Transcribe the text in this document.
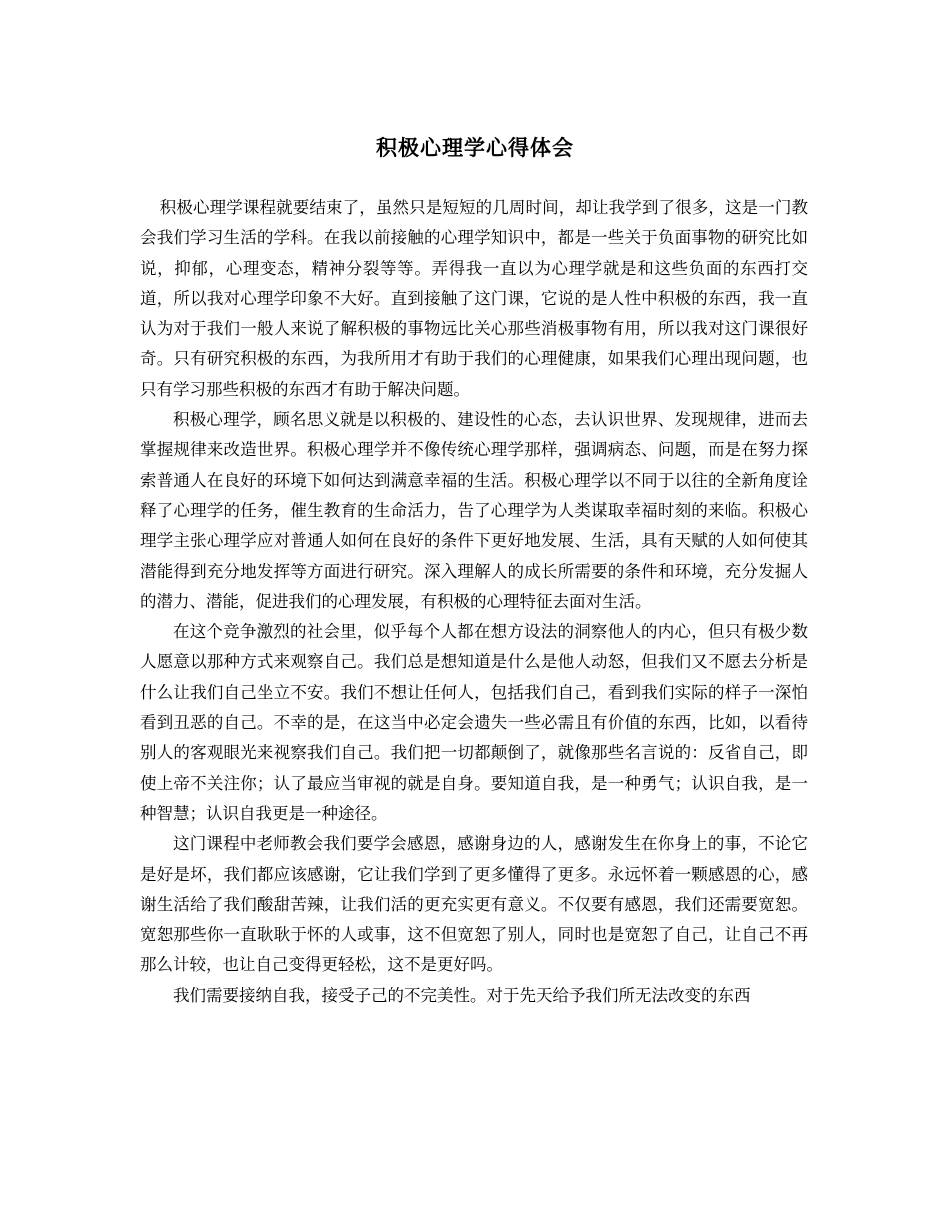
积极心理学心得体会

积极心理学课程就要结束了，虽然只是短短的几周时间，却让我学到了很多，这是一门教会我们学习生活的学科。在我以前接触的心理学知识中，都是一些关于负面事物的研究比如说，抑郁，心理变态，精神分裂等等。弄得我一直以为心理学就是和这些负面的东西打交道，所以我对心理学印象不大好。直到接触了这门课，它说的是人性中积极的东西，我一直认为对于我们一般人来说了解积极的事物远比关心那些消极事物有用，所以我对这门课很好奇。只有研究积极的东西，为我所用才有助于我们的心理健康，如果我们心理出现问题，也只有学习那些积极的东西才有助于解决问题。

积极心理学，顾名思义就是以积极的、建设性的心态，去认识世界、发现规律，进而去掌握规律来改造世界。积极心理学并不像传统心理学那样，强调病态、问题，而是在努力探索普通人在良好的环境下如何达到满意幸福的生活。积极心理学以不同于以往的全新角度诠释了心理学的任务，催生教育的生命活力，告了心理学为人类谋取幸福时刻的来临。积极心理学主张心理学应对普通人如何在良好的条件下更好地发展、生活，具有天赋的人如何使其潜能得到充分地发挥等方面进行研究。深入理解人的成长所需要的条件和环境，充分发掘人的潜力、潜能，促进我们的心理发展，有积极的心理特征去面对生活。

在这个竞争激烈的社会里，似乎每个人都在想方设法的洞察他人的内心，但只有极少数人愿意以那种方式来观察自己。我们总是想知道是什么是他人动怒，但我们又不愿去分析是什么让我们自己坐立不安。我们不想让任何人，包括我们自己，看到我们实际的样子一深怕看到丑恶的自己。不幸的是，在这当中必定会遗失一些必需且有价值的东西，比如，以看待别人的客观眼光来视察我们自己。我们把一切都颠倒了，就像那些名言说的：反省自己，即使上帝不关注你；认了最应当审视的就是自身。要知道自我，是一种勇气；认识自我，是一种智慧；认识自我更是一种途径。

这门课程中老师教会我们要学会感恩，感谢身边的人，感谢发生在你身上的事，不论它是好是坏，我们都应该感谢，它让我们学到了更多懂得了更多。永远怀着一颗感恩的心，感谢生活给了我们酸甜苦辣，让我们活的更充实更有意义。不仅要有感恩，我们还需要宽恕。宽恕那些你一直耿耿于怀的人或事，这不但宽恕了别人，同时也是宽恕了自己，让自己不再那么计较，也让自己变得更轻松，这不是更好吗。

我们需要接纳自我，接受子己的不完美性。对于先天给予我们所无法改变的东西
